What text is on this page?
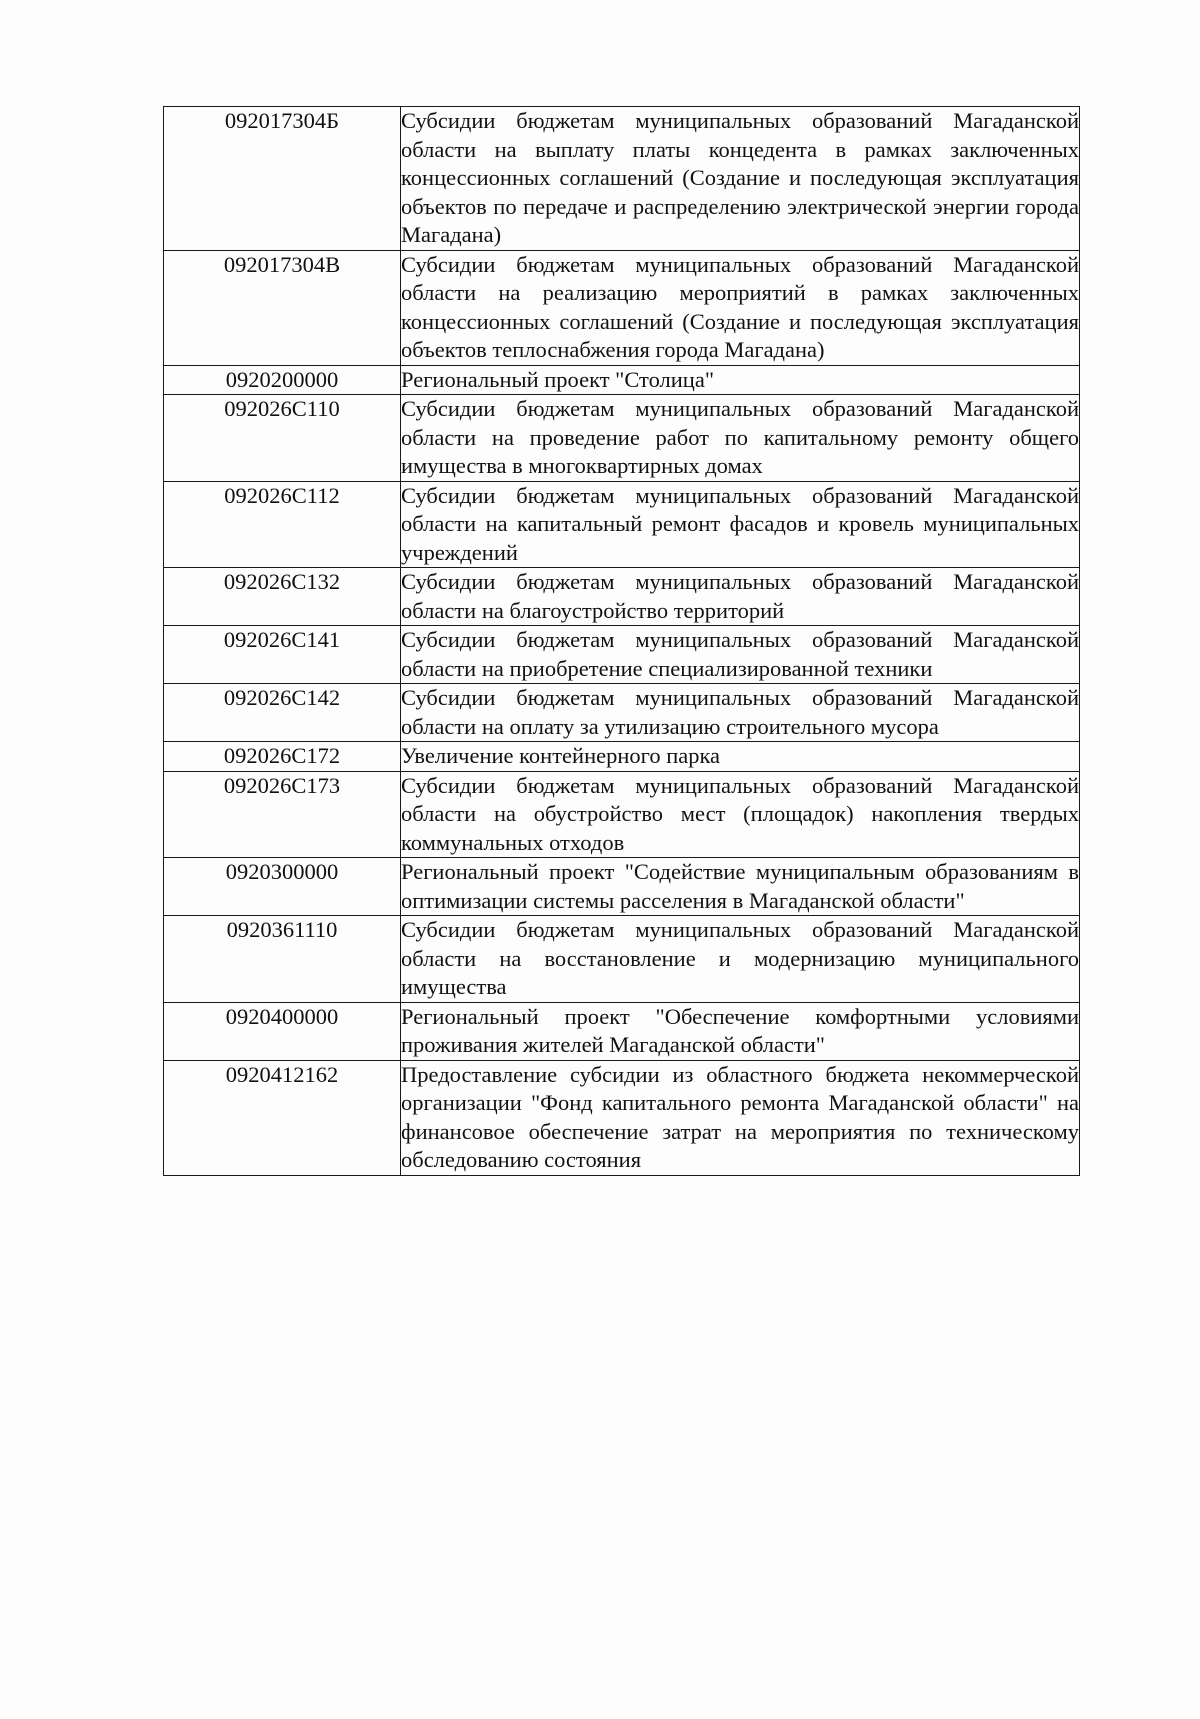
092017304Б	Субсидии бюджетам муниципальных образований Магаданской области на выплату платы концедента в рамках заключенных концессионных соглашений (Создание и последующая эксплуатация объектов по передаче и распределению электрической энергии города Магадана)

092017304В	Субсидии бюджетам муниципальных образований Магаданской области на реализацию мероприятий в рамках заключенных концессионных соглашений (Создание и последующая эксплуатация объектов теплоснабжения города Магадана)

0920200000	Региональный проект "Столица"

092026С110	Субсидии бюджетам муниципальных образований Магаданской области на проведение работ по капитальному ремонту общего имущества в многоквартирных домах

092026С112	Субсидии бюджетам муниципальных образований Магаданской области на капитальный ремонт фасадов и кровель муниципальных учреждений

092026С132	Субсидии бюджетам муниципальных образований Магаданской области на благоустройство территорий

092026С141	Субсидии бюджетам муниципальных образований Магаданской области на приобретение специализированной техники

092026С142	Субсидии бюджетам муниципальных образований Магаданской области на оплату за утилизацию строительного мусора

092026С172	Увеличение контейнерного парка

092026С173	Субсидии бюджетам муниципальных образований Магаданской области на обустройство мест (площадок) накопления твердых коммунальных отходов

0920300000	Региональный проект "Содействие муниципальным образованиям в оптимизации системы расселения в Магаданской области"

0920361110	Субсидии бюджетам муниципальных образований Магаданской области на восстановление и модернизацию муниципального имущества

0920400000	Региональный проект "Обеспечение комфортными условиями проживания жителей Магаданской области"

0920412162	Предоставление субсидии из областного бюджета некоммерческой организации "Фонд капитального ремонта Магаданской области" на финансовое обеспечение затрат на мероприятия по техническому обследованию состояния
